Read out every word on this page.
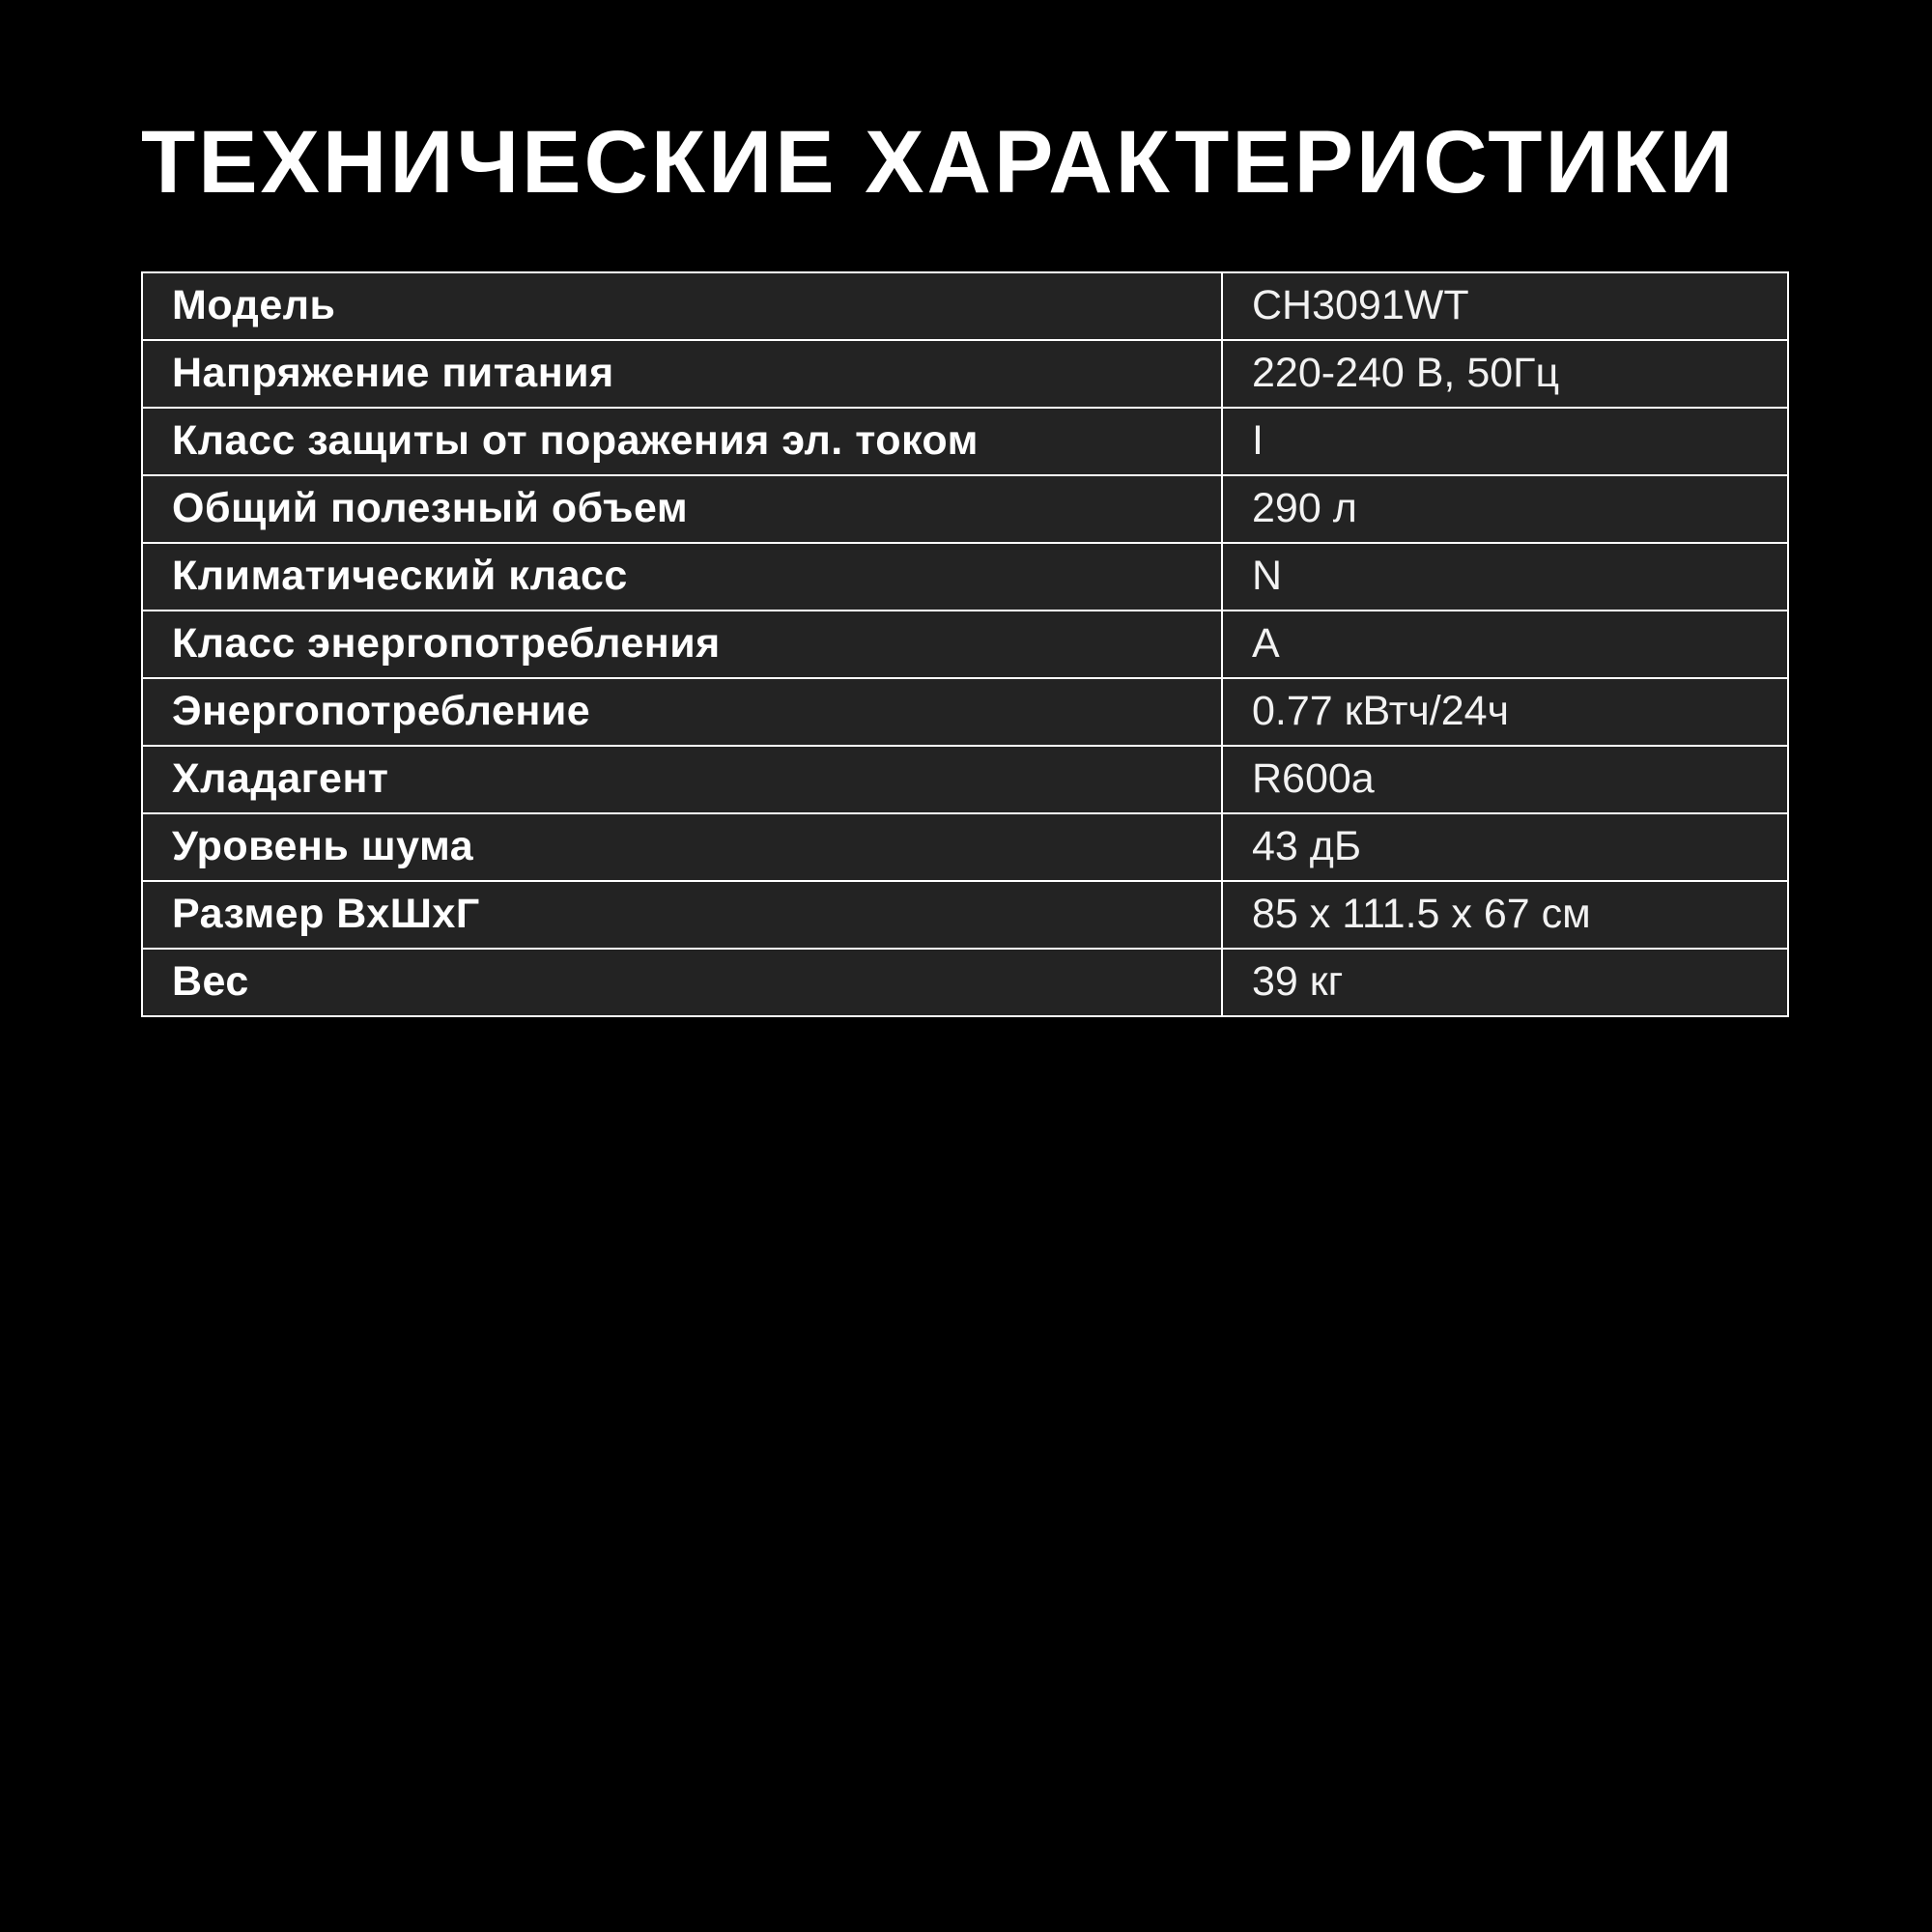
ТЕХНИЧЕСКИЕ ХАРАКТЕРИСТИКИ
Модель	CH3091WT
Напряжение питания	220-240 В, 50Гц
Класс защиты от поражения эл. током	I
Общий полезный объем	290 л
Климатический класс	N
Класс энергопотребления	A
Энергопотребление	0.77 кВтч/24ч
Хладагент	R600a
Уровень шума	43 дБ
Размер ВхШхГ	85 х 111.5 х 67 см
Вес	39 кг
